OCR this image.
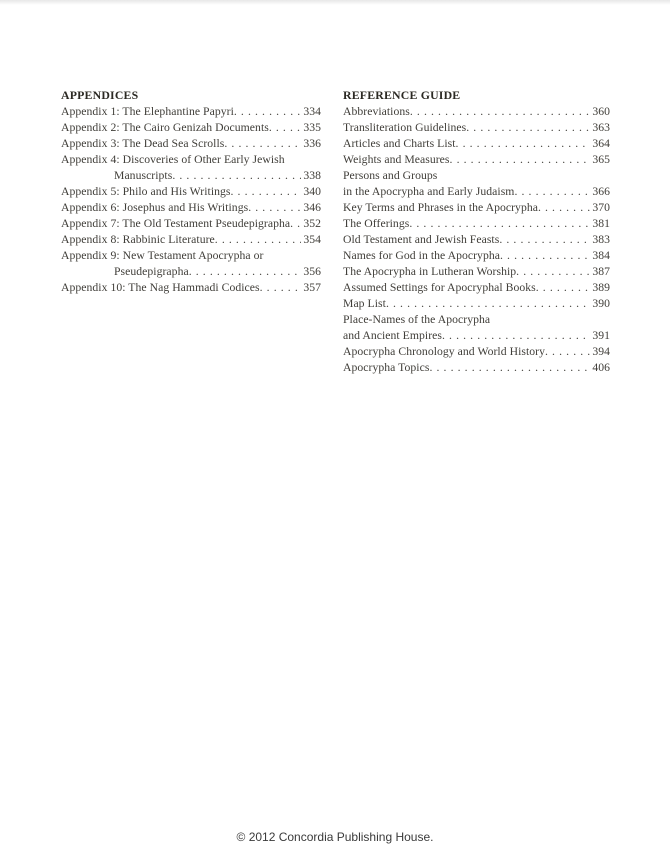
APPENDICES
Appendix 1: The Elephantine Papyri . . .	334
Appendix 2: The Cairo Genizah Documents . . .	335
Appendix 3: The Dead Sea Scrolls . . .	336
Appendix 4: Discoveries of Other Early Jewish
Manuscripts . . .	338
Appendix 5: Philo and His Writings . . .	340
Appendix 6: Josephus and His Writings . . .	346
Appendix 7: The Old Testament Pseudepigrapha . . . 352
Appendix 8: Rabbinic Literature . . .	354
Appendix 9: New Testament Apocrypha or
Pseudepigrapha . . .	356
Appendix 10: The Nag Hammadi Codices . . .	357
REFERENCE GUIDE
Abbreviations . . .	360
Transliteration Guidelines . . .	363
Articles and Charts List . . .	364
Weights and Measures . . .	365
Persons and Groups
in the Apocrypha and Early Judaism . . .	366
Key Terms and Phrases in the Apocrypha . . .	370
The Offerings . . .	381
Old Testament and Jewish Feasts . . .	383
Names for God in the Apocrypha . . .	384
The Apocrypha in Lutheran Worship . . .	387
Assumed Settings for Apocryphal Books . . .	389
Map List . . .	390
Place-Names of the Apocrypha
and Ancient Empires . . .	391
Apocrypha Chronology and World History . . .	394
Apocrypha Topics . . .	406
© 2012 Concordia Publishing House.
